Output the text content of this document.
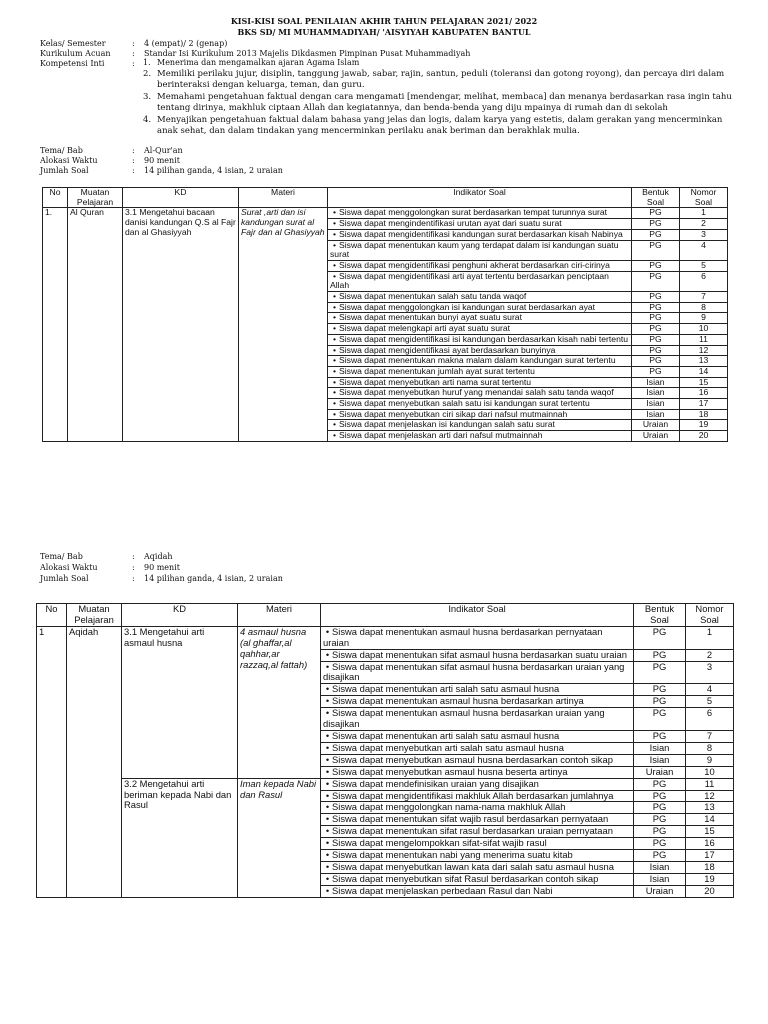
KISI-KISI SOAL PENILAIAN AKHIR TAHUN PELAJARAN 2021/ 2022
BKS SD/ MI MUHAMMADIYAH/ 'AISYIYAH KABUPATEN BANTUL
Kelas/ Semester	: 4 (empat)/ 2 (genap)
Kurikulum Acuan	: Standar Isi Kurikulum 2013 Majelis Dikdasmen Pimpinan Pusat Muhammadiyah
Kompetensi Inti	:	1. Menerima dan mengamalkan ajaran Agama Islam
2. Memiliki perilaku jujur, disiplin, tanggung jawab, sabar, rajin, santun, peduli (toleransi dan gotong royong), dan percaya diri dalam berinteraksi dengan keluarga, teman, dan guru.
3. Memahami pengetahuan faktual dengan cara mengamati [mendengar, melihat, membaca] dan menanya berdasarkan rasa ingin tahu tentang dirinya, makhluk ciptaan Allah dan kegiatannya, dan benda-benda yang diju mpainya di rumah dan di sekolah
4. Menyajikan pengetahuan faktual dalam bahasa yang jelas dan logis, dalam karya yang estetis, dalam gerakan yang mencerminkan anak sehat, dan dalam tindakan yang mencerminkan perilaku anak beriman dan berakhlak mulia.
Tema/ Bab	: Al-Qur'an
Alokasi Waktu	: 90 menit
Jumlah Soal	: 14 pilihan ganda, 4 isian, 2 uraian
No	Muatan Pelajaran	KD	Materi	Indikator Soal	Bentuk Soal	Nomor Soal
1.	Al Quran	3.1 Mengetahui bacaan danisi kandungan Q.S al Fajr dan al Ghasiyyah	Surat ,arti dan isi kandungan surat al Fajr dan al Ghasiyyah	• Siswa dapat menggolongkan surat berdasarkan tempat turunnya surat	PG	1
				• Siswa dapat mengindentifikasi urutan ayat dari suatu surat	PG	2
				• Siswa dapat mengidentifikasi kandungan surat berdasarkan kisah Nabinya	PG	3
				• Siswa dapat menentukan kaum yang terdapat dalam isi kandungan suatu surat	PG	4
				• Siswa dapat mengidentifikasi penghuni akherat berdasarkan ciri-cirinya	PG	5
				• Siswa dapat mengidentifikasi arti ayat tertentu berdasarkan penciptaan Allah	PG	6
				• Siswa dapat menentukan salah satu tanda waqof	PG	7
				• Siswa dapat menggolongkan isi kandungan surat berdasarkan ayat	PG	8
				• Siswa dapat menentukan bunyi ayat suatu surat	PG	9
				• Siswa dapat melengkapi arti ayat suatu surat	PG	10
				• Siswa dapat mengidentifikasi isi kandungan berdasarkan kisah nabi tertentu	PG	11
				• Siswa dapat mengidentifikasi ayat berdasarkan bunyinya	PG	12
				• Siswa dapat menentukan makna malam dalam kandungan surat tertentu	PG	13
				• Siswa dapat menentukan jumlah ayat surat tertentu	PG	14
				• Siswa dapat menyebutkan arti nama surat tertentu	Isian	15
				• Siswa dapat menyebutkan huruf yang menandai salah satu tanda waqof	Isian	16
				• Siswa dapat menyebutkan salah satu isi kandungan surat tertentu	Isian	17
				• Siswa dapat menyebutkan ciri sikap dari nafsul mutmainnah	Isian	18
				• Siswa dapat menjelaskan isi kandungan salah satu surat	Uraian	19
				• Siswa dapat menjelaskan arti dari nafsul mutmainnah	Uraian	20
Tema/ Bab	: Aqidah
Alokasi Waktu	: 90 menit
Jumlah Soal	: 14 pilihan ganda, 4 isian, 2 uraian
No	Muatan Pelajaran	KD	Materi	Indikator Soal	Bentuk Soal	Nomor Soal
1	Aqidah	3.1 Mengetahui arti asmaul husna	4 asmaul husna (al ghaffar,al qahhar,ar razzaq,al fattah)	• Siswa dapat menentukan asmaul husna berdasarkan pernyataan uraian	PG	1
				• Siswa dapat menentukan sifat asmaul husna berdasarkan suatu uraian	PG	2
				• Siswa dapat menentukan sifat asmaul husna berdasarkan uraian yang disajikan	PG	3
				• Siswa dapat menentukan arti salah satu asmaul husna	PG	4
				• Siswa dapat menentukan asmaul husna berdasarkan artinya	PG	5
				• Siswa dapat menentukan asmaul husna berdasarkan uraian yang disajikan	PG	6
				• Siswa dapat menentukan arti salah satu asmaul husna	PG	7
				• Siswa dapat menyebutkan arti salah satu asmaul husna	Isian	8
				• Siswa dapat menyebutkan asmaul husna berdasarkan contoh sikap	Isian	9
				• Siswa dapat menyebutkan asmaul husna beserta artinya	Uraian	10
		3.2 Mengetahui arti beriman kepada Nabi dan Rasul	Iman kepada Nabi dan Rasul	• Siswa dapat mendefinisikan uraian yang disajikan	PG	11
				• Siswa dapat mengidentifikasi makhluk Allah berdasarkan jumlahnya	PG	12
				• Siswa dapat menggolongkan nama-nama makhluk Allah	PG	13
				• Siswa dapat menentukan sifat wajib rasul berdasarkan pernyataan	PG	14
				• Siswa dapat menentukan sifat rasul berdasarkan uraian pernyataan	PG	15
				• Siswa dapat mengelompokkan sifat-sifat wajib rasul	PG	16
				• Siswa dapat menentukan nabi yang menerima suatu kitab	PG	17
				• Siswa dapat menyebutkan lawan kata dari salah satu asmaul husna	Isian	18
				• Siswa dapat menyebutkan sifat Rasul berdasarkan contoh sikap	Isian	19
				• Siswa dapat menjelaskan perbedaan Rasul dan Nabi	Uraian	20
